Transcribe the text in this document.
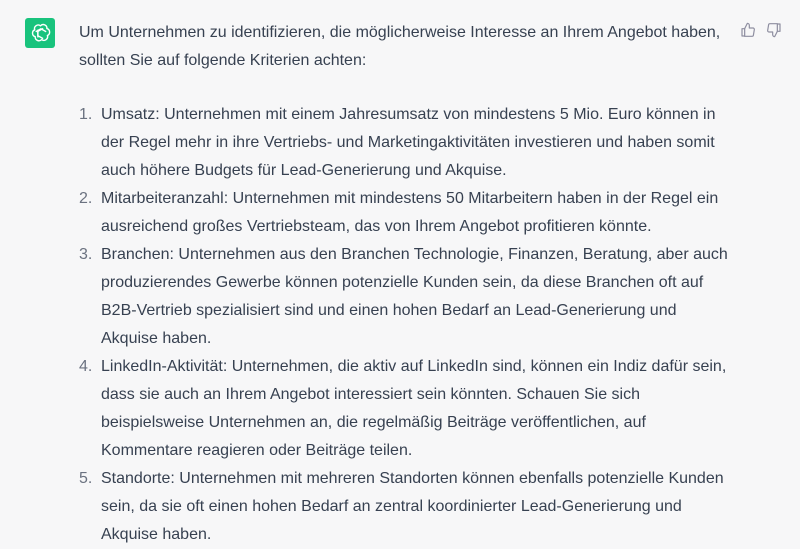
Um Unternehmen zu identifizieren, die möglicherweise Interesse an Ihrem Angebot haben, sollten Sie auf folgende Kriterien achten:

1. Umsatz: Unternehmen mit einem Jahresumsatz von mindestens 5 Mio. Euro können in der Regel mehr in ihre Vertriebs- und Marketingaktivitäten investieren und haben somit auch höhere Budgets für Lead-Generierung und Akquise.
2. Mitarbeiteranzahl: Unternehmen mit mindestens 50 Mitarbeitern haben in der Regel ein ausreichend großes Vertriebsteam, das von Ihrem Angebot profitieren könnte.
3. Branchen: Unternehmen aus den Branchen Technologie, Finanzen, Beratung, aber auch produzierendes Gewerbe können potenzielle Kunden sein, da diese Branchen oft auf B2B-Vertrieb spezialisiert sind und einen hohen Bedarf an Lead-Generierung und Akquise haben.
4. LinkedIn-Aktivität: Unternehmen, die aktiv auf LinkedIn sind, können ein Indiz dafür sein, dass sie auch an Ihrem Angebot interessiert sein könnten. Schauen Sie sich beispielsweise Unternehmen an, die regelmäßig Beiträge veröffentlichen, auf Kommentare reagieren oder Beiträge teilen.
5. Standorte: Unternehmen mit mehreren Standorten können ebenfalls potenzielle Kunden sein, da sie oft einen hohen Bedarf an zentral koordinierter Lead-Generierung und Akquise haben.
